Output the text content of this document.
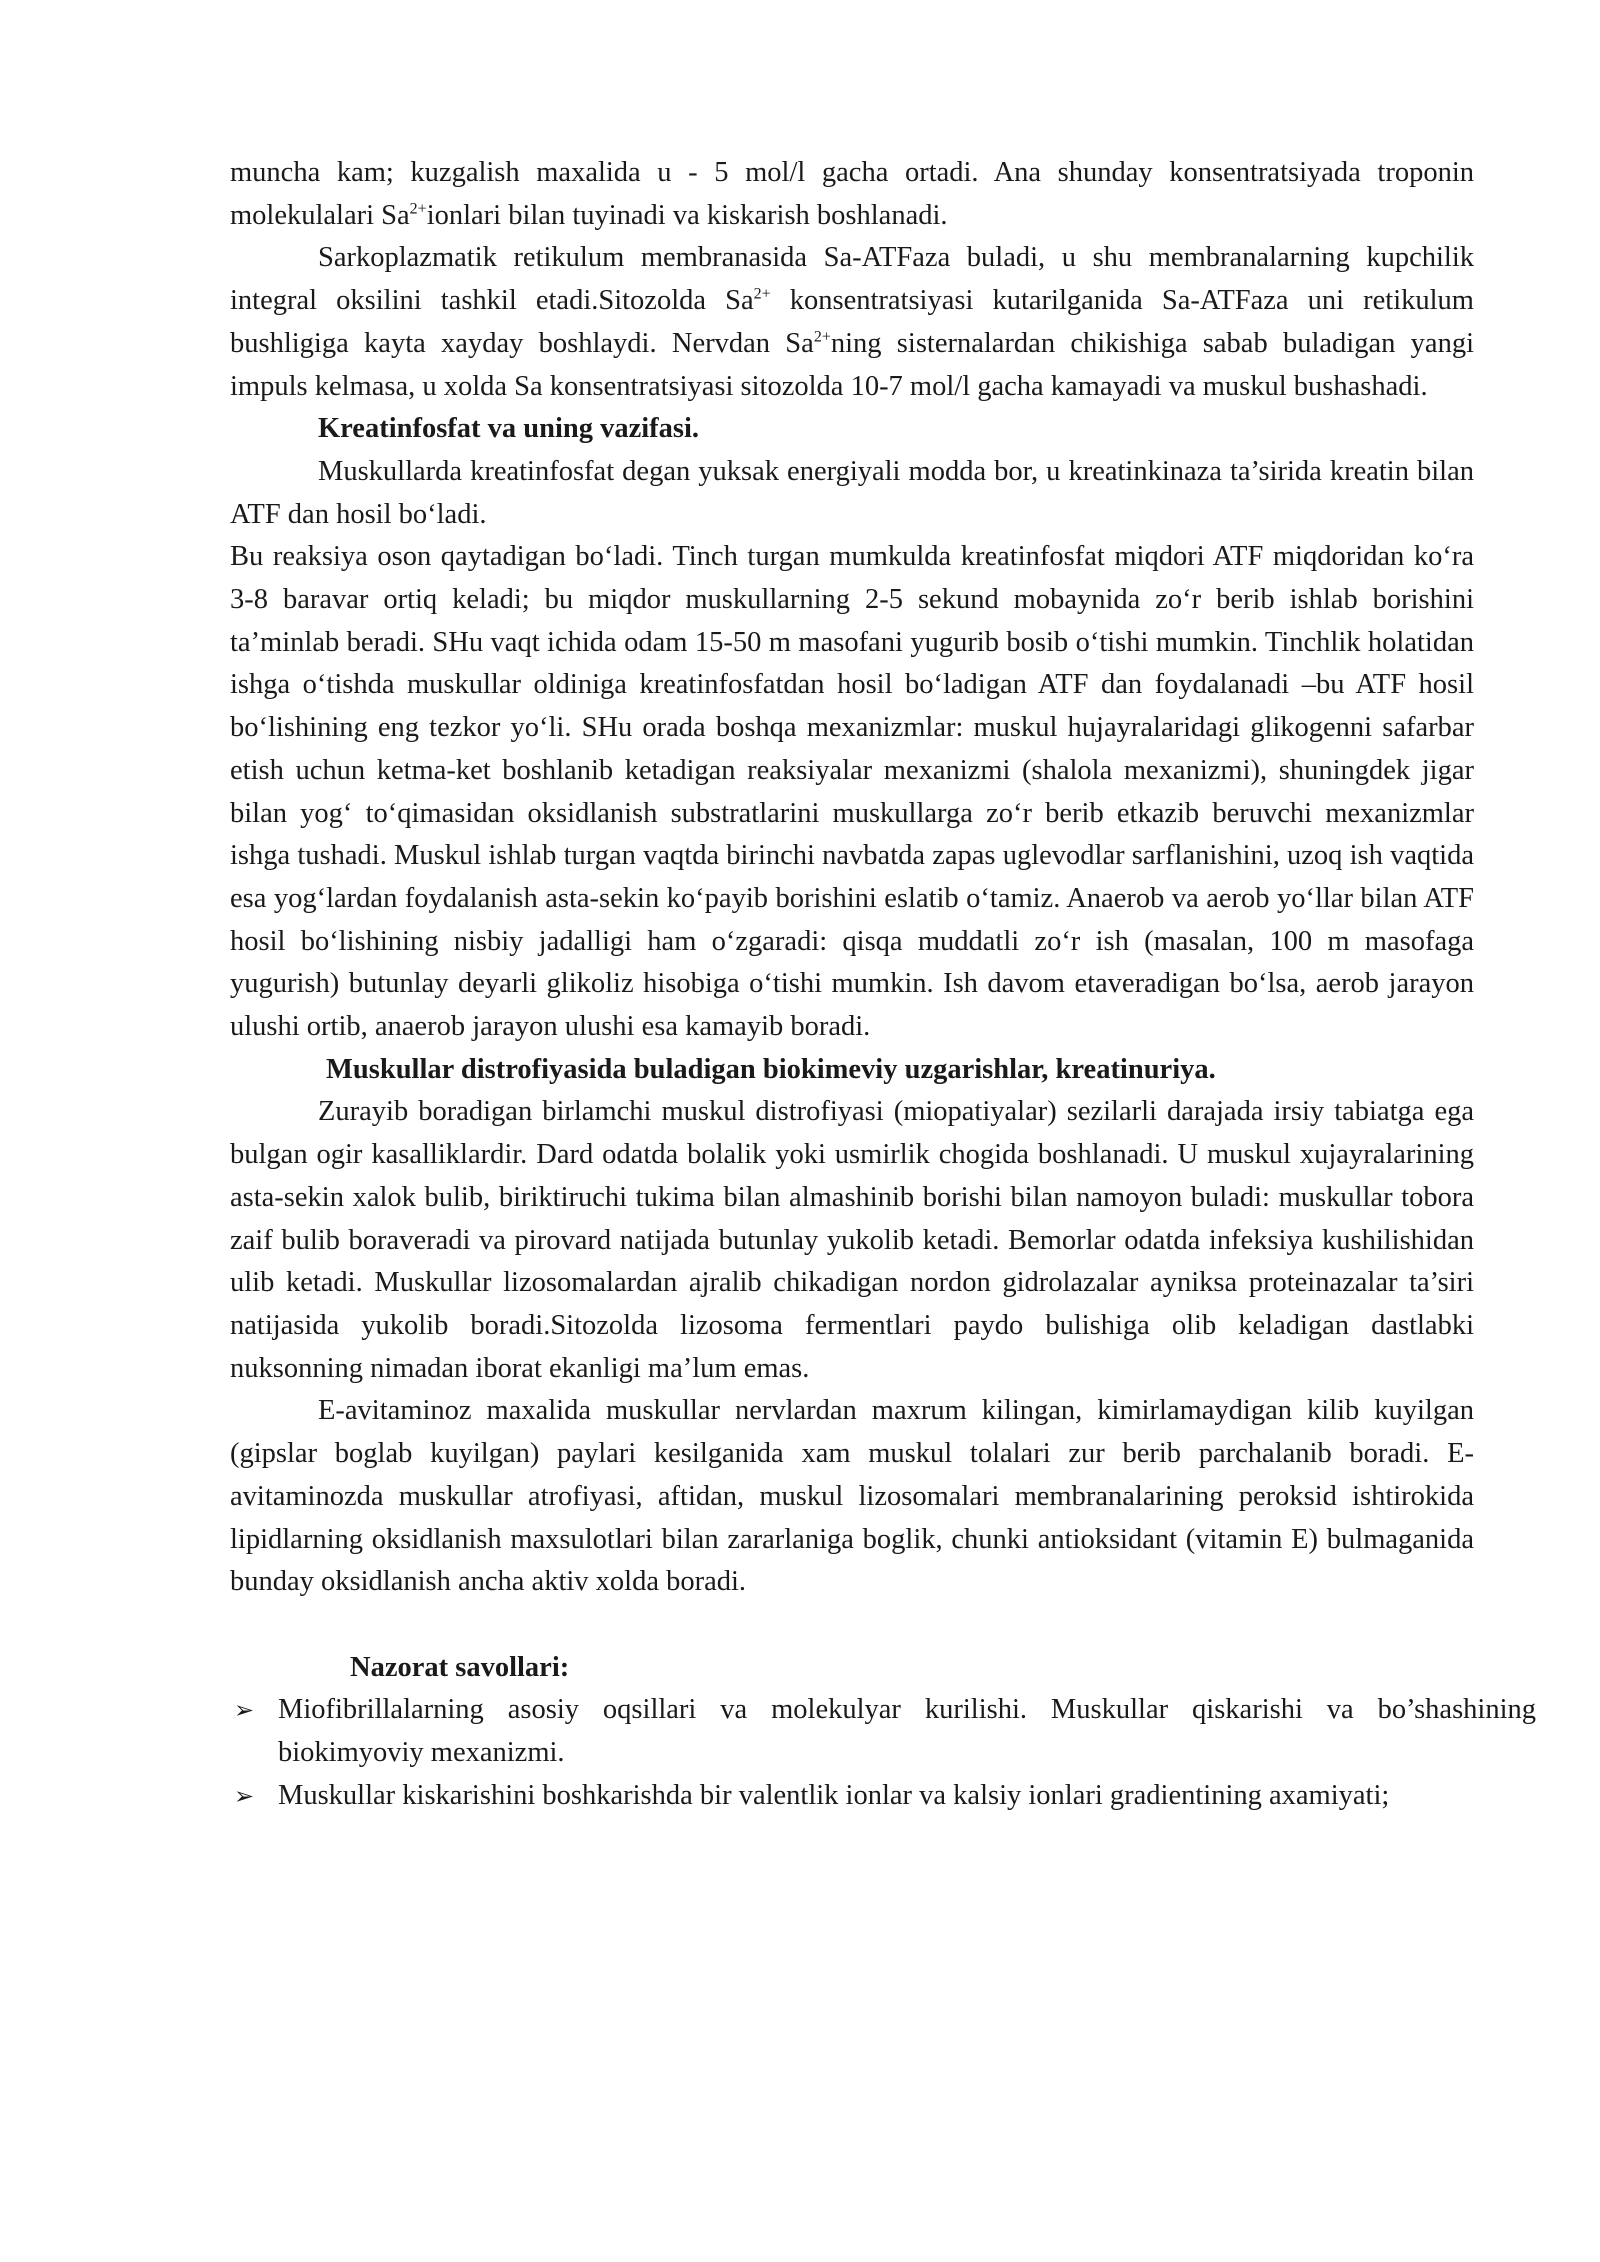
muncha kam; kuzgalish maxalida u - 5 mol/l gacha ortadi. Ana shunday konsentratsiyada troponin molekulalari $Sa^{2+}ionlari$ bilan tuyinadi va kiskarish boshlanadi.

Sarkoplazmatik retikulum membranasida Sa-ATFaza buladi, u shu membranalarning kupchilik integral oksilini tashkil etadi.Sitozolda $Sa^{2+}$ konsentratsiyasi kutarilganida Sa-ATFaza uni retikulum bushligiga kayta xayday boshlaydi. Nervdan $Sa^{2+}ning$ sisternalardan chikishiga sabab buladigan yangi impuls kelmasa, u xolda Sa konsentratsiyasi sitozolda 10-7 mol/l gacha kamayadi va muskul bushashadi.

Kreatinfosfat va uning vazifasi.

Muskullarda kreatinfosfat degan yuksak energiyali modda bor, u kreatinkinaza ta’sirida kreatin bilan ATF dan hosil bo‘ladi.

Bu reaksiya oson qaytadigan bo‘ladi. Tinch turgan mumkulda kreatinfosfat miqdori ATF miqdoridan ko‘ra 3-8 baravar ortiq keladi; bu miqdor muskullarning 2-5 sekund mobaynida zo‘r berib ishlab borishini ta’minlab beradi. SHu vaqt ichida odam 15-50 m masofani yugurib bosib o‘tishi mumkin. Tinchlik holatidan ishga o‘tishda muskullar oldiniga kreatinfosfatdan hosil bo‘ladigan ATF dan foydalanadi –bu ATF hosil bo‘lishining eng tezkor yo‘li. SHu orada boshqa mexanizmlar: muskul hujayralaridagi glikogenni safarbar etish uchun ketma-ket boshlanib ketadigan reaksiyalar mexanizmi (shalola mexanizmi), shuningdek jigar bilan yog‘ to‘qimasidan oksidlanish substratlarini muskullarga zo‘r berib etkazib beruvchi mexanizmlar ishga tushadi. Muskul ishlab turgan vaqtda birinchi navbatda zapas uglevodlar sarflanishini, uzoq ish vaqtida esa yog‘lardan foydalanish asta-sekin ko‘payib borishini eslatib o‘tamiz. Anaerob va aerob yo‘llar bilan ATF hosil bo‘lishining nisbiy jadalligi ham o‘zgaradi: qisqa muddatli zo‘r ish (masalan, 100 m masofaga yugurish) butunlay deyarli glikoliz hisobiga o‘tishi mumkin. Ish davom etaveradigan bo‘lsa, aerob jarayon ulushi ortib, anaerob jarayon ulushi esa kamayib boradi.

Muskullar distrofiyasida buladigan biokimeviy uzgarishlar, kreatinuriya.

Zurayib boradigan birlamchi muskul distrofiyasi (miopatiyalar) sezilarli darajada irsiy tabiatga ega bulgan ogir kasalliklardir. Dard odatda bolalik yoki usmirlik chogida boshlanadi. U muskul xujayralarining asta-sekin xalok bulib, biriktiruchi tukima bilan almashinib borishi bilan namoyon buladi: muskullar tobora zaif bulib boraveradi va pirovard natijada butunlay yukolib ketadi. Bemorlar odatda infeksiya kushilishidan ulib ketadi. Muskullar lizosomalardan ajralib chikadigan nordon gidrolazalar ayniksa proteinazalar ta’siri natijasida yukolib boradi.Sitozolda lizosoma fermentlari paydo bulishiga olib keladigan dastlabki nuksonning nimadan iborat ekanligi ma’lum emas.

E-avitaminoz maxalida muskullar nervlardan maxrum kilingan, kimirlamaydigan kilib kuyilgan (gipslar boglab kuyilgan) paylari kesilganida xam muskul tolalari zur berib parchalanib boradi. E-avitaminozda muskullar atrofiyasi, aftidan, muskul lizosomalari membranalarining peroksid ishtirokida lipidlarning oksidlanish maxsulotlari bilan zararlaniga boglik, chunki antioksidant (vitamin E) bulmaganida bunday oksidlanish ancha aktiv xolda boradi.

Nazorat savollari:

➢ Miofibrillalarning asosiy oqsillari va molekulyar kurilishi. Muskullar qiskarishi va bo’shashining biokimyoviy mexanizmi.
➢ Muskullar kiskarishini boshkarishda bir valentlik ionlar va kalsiy ionlari gradientining axamiyati;
